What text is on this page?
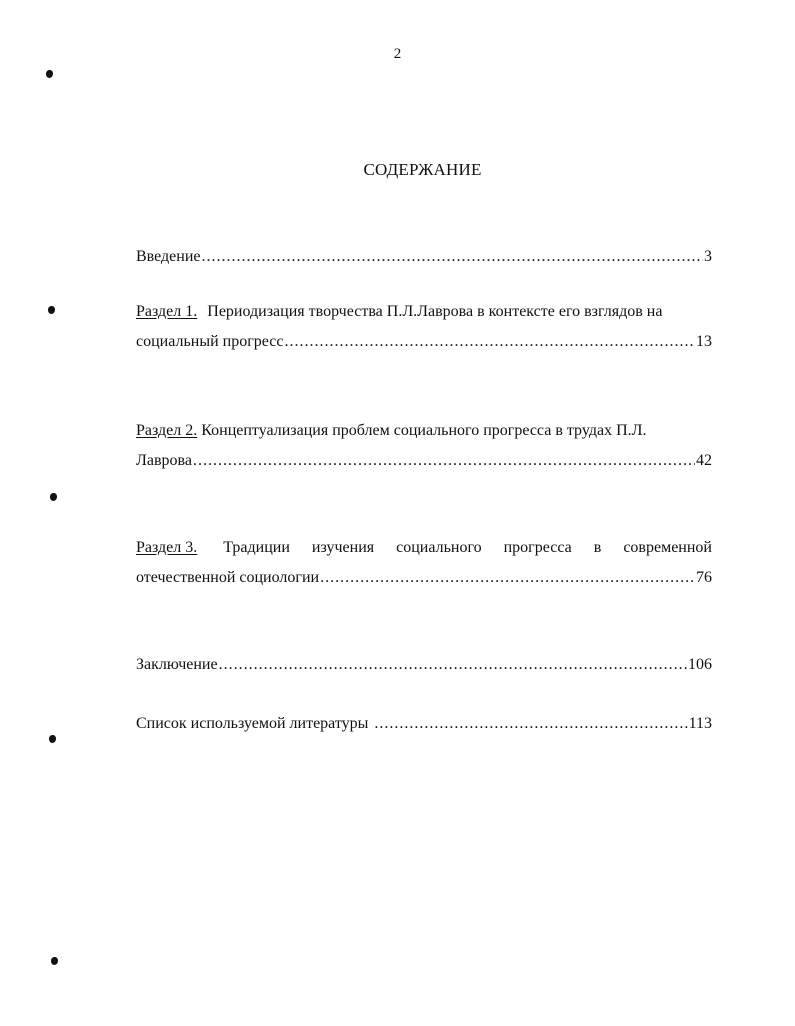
2
СОДЕРЖАНИЕ
Введение .....	3
Раздел 1. Периодизация творчества П.Л.Лаврова в контексте его взглядов на
социальный прогресс .....	13
Раздел 2. Концептуализация проблем социального прогресса в трудах П.Л.
Лаврова .....	42
Раздел 3.	Традиции изучения социального прогресса в современной
отечественной социологии .....	76
Заключение .....	106
Список используемой литературы .....	113
